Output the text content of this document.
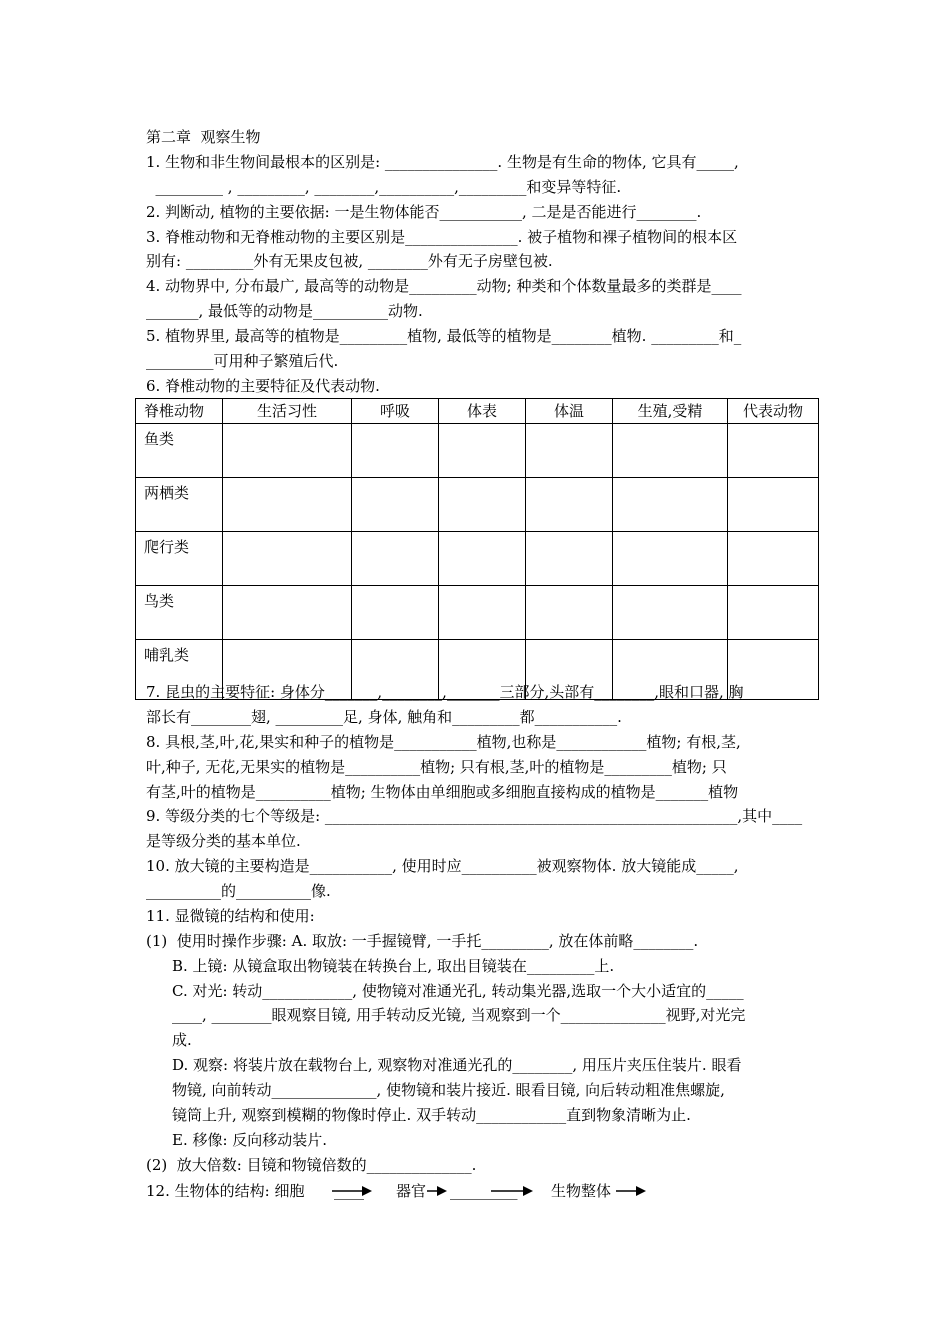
第二章  观察生物
1. 生物和非生物间最根本的区别是: _______________. 生物是有生命的物体, 它具有_____,
_________ , _________, ________,__________,_________和变异等特征.
2. 判断动, 植物的主要依据: 一是生物体能否___________, 二是是否能进行________.
3. 脊椎动物和无脊椎动物的主要区别是_______________. 被子植物和裸子植物间的根本区
别有: _________外有无果皮包被, ________外有无子房壁包被.
4. 动物界中, 分布最广, 最高等的动物是_________动物; 种类和个体数量最多的类群是____
_______, 最低等的动物是__________动物.
5. 植物界里, 最高等的植物是_________植物, 最低等的植物是________植物. _________和_
_________可用种子繁殖后代.
6. 脊椎动物的主要特征及代表动物.
脊椎动物	生活习性	呼吸	体表	体温	生殖,受精	代表动物
鱼类						
两栖类						
爬行类						
鸟类						
哺乳类						
7. 昆虫的主要特征: 身体分_______,________,_______三部分,头部有________,眼和口器, 胸
部长有________翅, _________足, 身体, 触角和_________都___________.
8. 具根,茎,叶,花,果实和种子的植物是___________植物,也称是____________植物; 有根,茎,
叶,种子, 无花,无果实的植物是__________植物; 只有根,茎,叶的植物是_________植物; 只
有茎,叶的植物是__________植物; 生物体由单细胞或多细胞直接构成的植物是_______植物
9. 等级分类的七个等级是: _______________________________________________________,其中____
是等级分类的基本单位.
10. 放大镜的主要构造是___________, 使用时应__________被观察物体. 放大镜能成_____,
__________的__________像.
11. 显微镜的结构和使用:
(1)  使用时操作步骤: A. 取放: 一手握镜臂, 一手托_________, 放在体前略________.
B. 上镜: 从镜盒取出物镜装在转换台上, 取出目镜装在_________上.
C. 对光: 转动____________, 使物镜对准通光孔, 转动集光器,选取一个大小适宜的_____
____, ________眼观察目镜, 用手转动反光镜, 当观察到一个______________视野,对光完
成.
D. 观察: 将装片放在载物台上, 观察物对准通光孔的________, 用压片夹压住装片. 眼看
物镜, 向前转动______________, 使物镜和装片接近. 眼看目镜, 向后转动粗准焦螺旋,
镜筒上升, 观察到模糊的物像时停止. 双手转动____________直到物象清晰为止.
E. 移像: 反向移动装片.
(2)  放大倍数: 目镜和物镜倍数的______________.
12. 生物体的结构: 细胞 ____ 器官 _________ 生物整体
